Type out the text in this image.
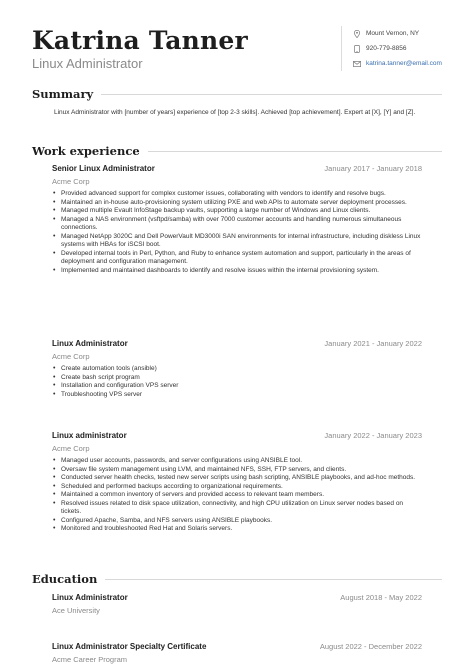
Katrina Tanner
Linux Administrator
Mount Vernon, NY
920-779-8856
katrina.tanner@email.com
Summary
Linux Administrator with [number of years] experience of [top 2-3 skills]. Achieved [top achievement]. Expert at [X], [Y] and [Z].
Work experience
Senior Linux Administrator	January 2017 - January 2018
Acme Corp
• Provided advanced support for complex customer issues, collaborating with vendors to identify and resolve bugs.
• Maintained an in-house auto-provisioning system utilizing PXE and web APIs to automate server deployment processes.
• Managed multiple Evault InfoStage backup vaults, supporting a large number of Windows and Linux clients.
• Managed a NAS environment (vsftpd/samba) with over 7000 customer accounts and handling numerous simultaneous connections.
• Managed NetApp 3020C and Dell PowerVault MD3000i SAN environments for internal infrastructure, including diskless Linux systems with HBAs for iSCSI boot.
• Developed internal tools in Perl, Python, and Ruby to enhance system automation and support, particularly in the areas of deployment and configuration management.
• Implemented and maintained dashboards to identify and resolve issues within the internal provisioning system.
Linux Administrator	January 2021 - January 2022
Acme Corp
• Create automation tools (ansible)
• Create bash script program
• Installation and configuration VPS server
• Troubleshooting VPS server
Linux administrator	January 2022 - January 2023
Acme Corp
• Managed user accounts, passwords, and server configurations using ANSIBLE tool.
• Oversaw file system management using LVM, and maintained NFS, SSH, FTP servers, and clients.
• Conducted server health checks, tested new server scripts using bash scripting, ANSIBLE playbooks, and ad-hoc methods.
• Scheduled and performed backups according to organizational requirements.
• Maintained a common inventory of servers and provided access to relevant team members.
• Resolved issues related to disk space utilization, connectivity, and high CPU utilization on Linux server nodes based on tickets.
• Configured Apache, Samba, and NFS servers using ANSIBLE playbooks.
• Monitored and troubleshooted Red Hat and Solaris servers.
Education
Linux Administrator	August 2018 - May 2022
Ace University
Linux Administrator Specialty Certificate	August 2022 - December 2022
Acme Career Program
